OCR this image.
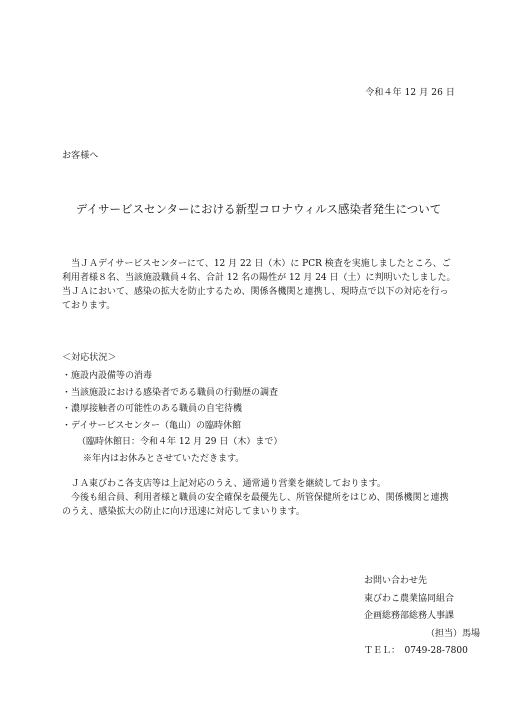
令和４年 12 月 26 日
お客様へ
デイサービスセンターにおける新型コロナウィルス感染者発生について
当ＪＡデイサービスセンターにて、12 月 22 日（木）に PCR 検査を実施しましたところ、ご
利用者様８名、当該施設職員４名、合計 12 名の陽性が 12 月 24 日（土）に判明いたしました。
当ＪＡにおいて、感染の拡大を防止するため、関係各機関と連携し、現時点で以下の対応を行っ
ております。
＜対応状況＞
・施設内設備等の消毒
・当該施設における感染者である職員の行動歴の調査
・濃厚接触者の可能性のある職員の自宅待機
・デイサービスセンター（亀山）の臨時休館
（臨時休館日：令和４年 12 月 29 日（木）まで）
※年内はお休みとさせていただきます。
ＪＡ東びわこ各支店等は上記対応のうえ、通常通り営業を継続しております。
今後も組合員、利用者様と職員の安全確保を最優先し、所管保健所をはじめ、関係機関と連携
のうえ、感染拡大の防止に向け迅速に対応してまいります。
お問い合わせ先
東びわこ農業協同組合
企画総務部総務人事課
（担当）馬場
ＴＥＬ：　0749-28-7800
